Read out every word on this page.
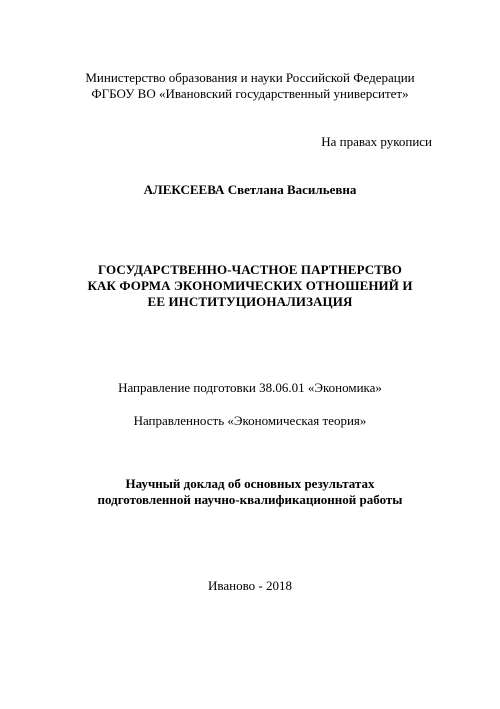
Министерство образования и науки Российской Федерации
ФГБОУ ВО «Ивановский государственный университет»
На правах рукописи
АЛЕКСЕЕВА Светлана Васильевна
ГОСУДАРСТВЕННО-ЧАСТНОЕ ПАРТНЕРСТВО
КАК ФОРМА ЭКОНОМИЧЕСКИХ ОТНОШЕНИЙ И
ЕЕ ИНСТИТУЦИОНАЛИЗАЦИЯ
Направление подготовки 38.06.01 «Экономика»
Направленность «Экономическая теория»
Научный доклад об основных результатах
подготовленной научно-квалификационной работы
Иваново - 2018
